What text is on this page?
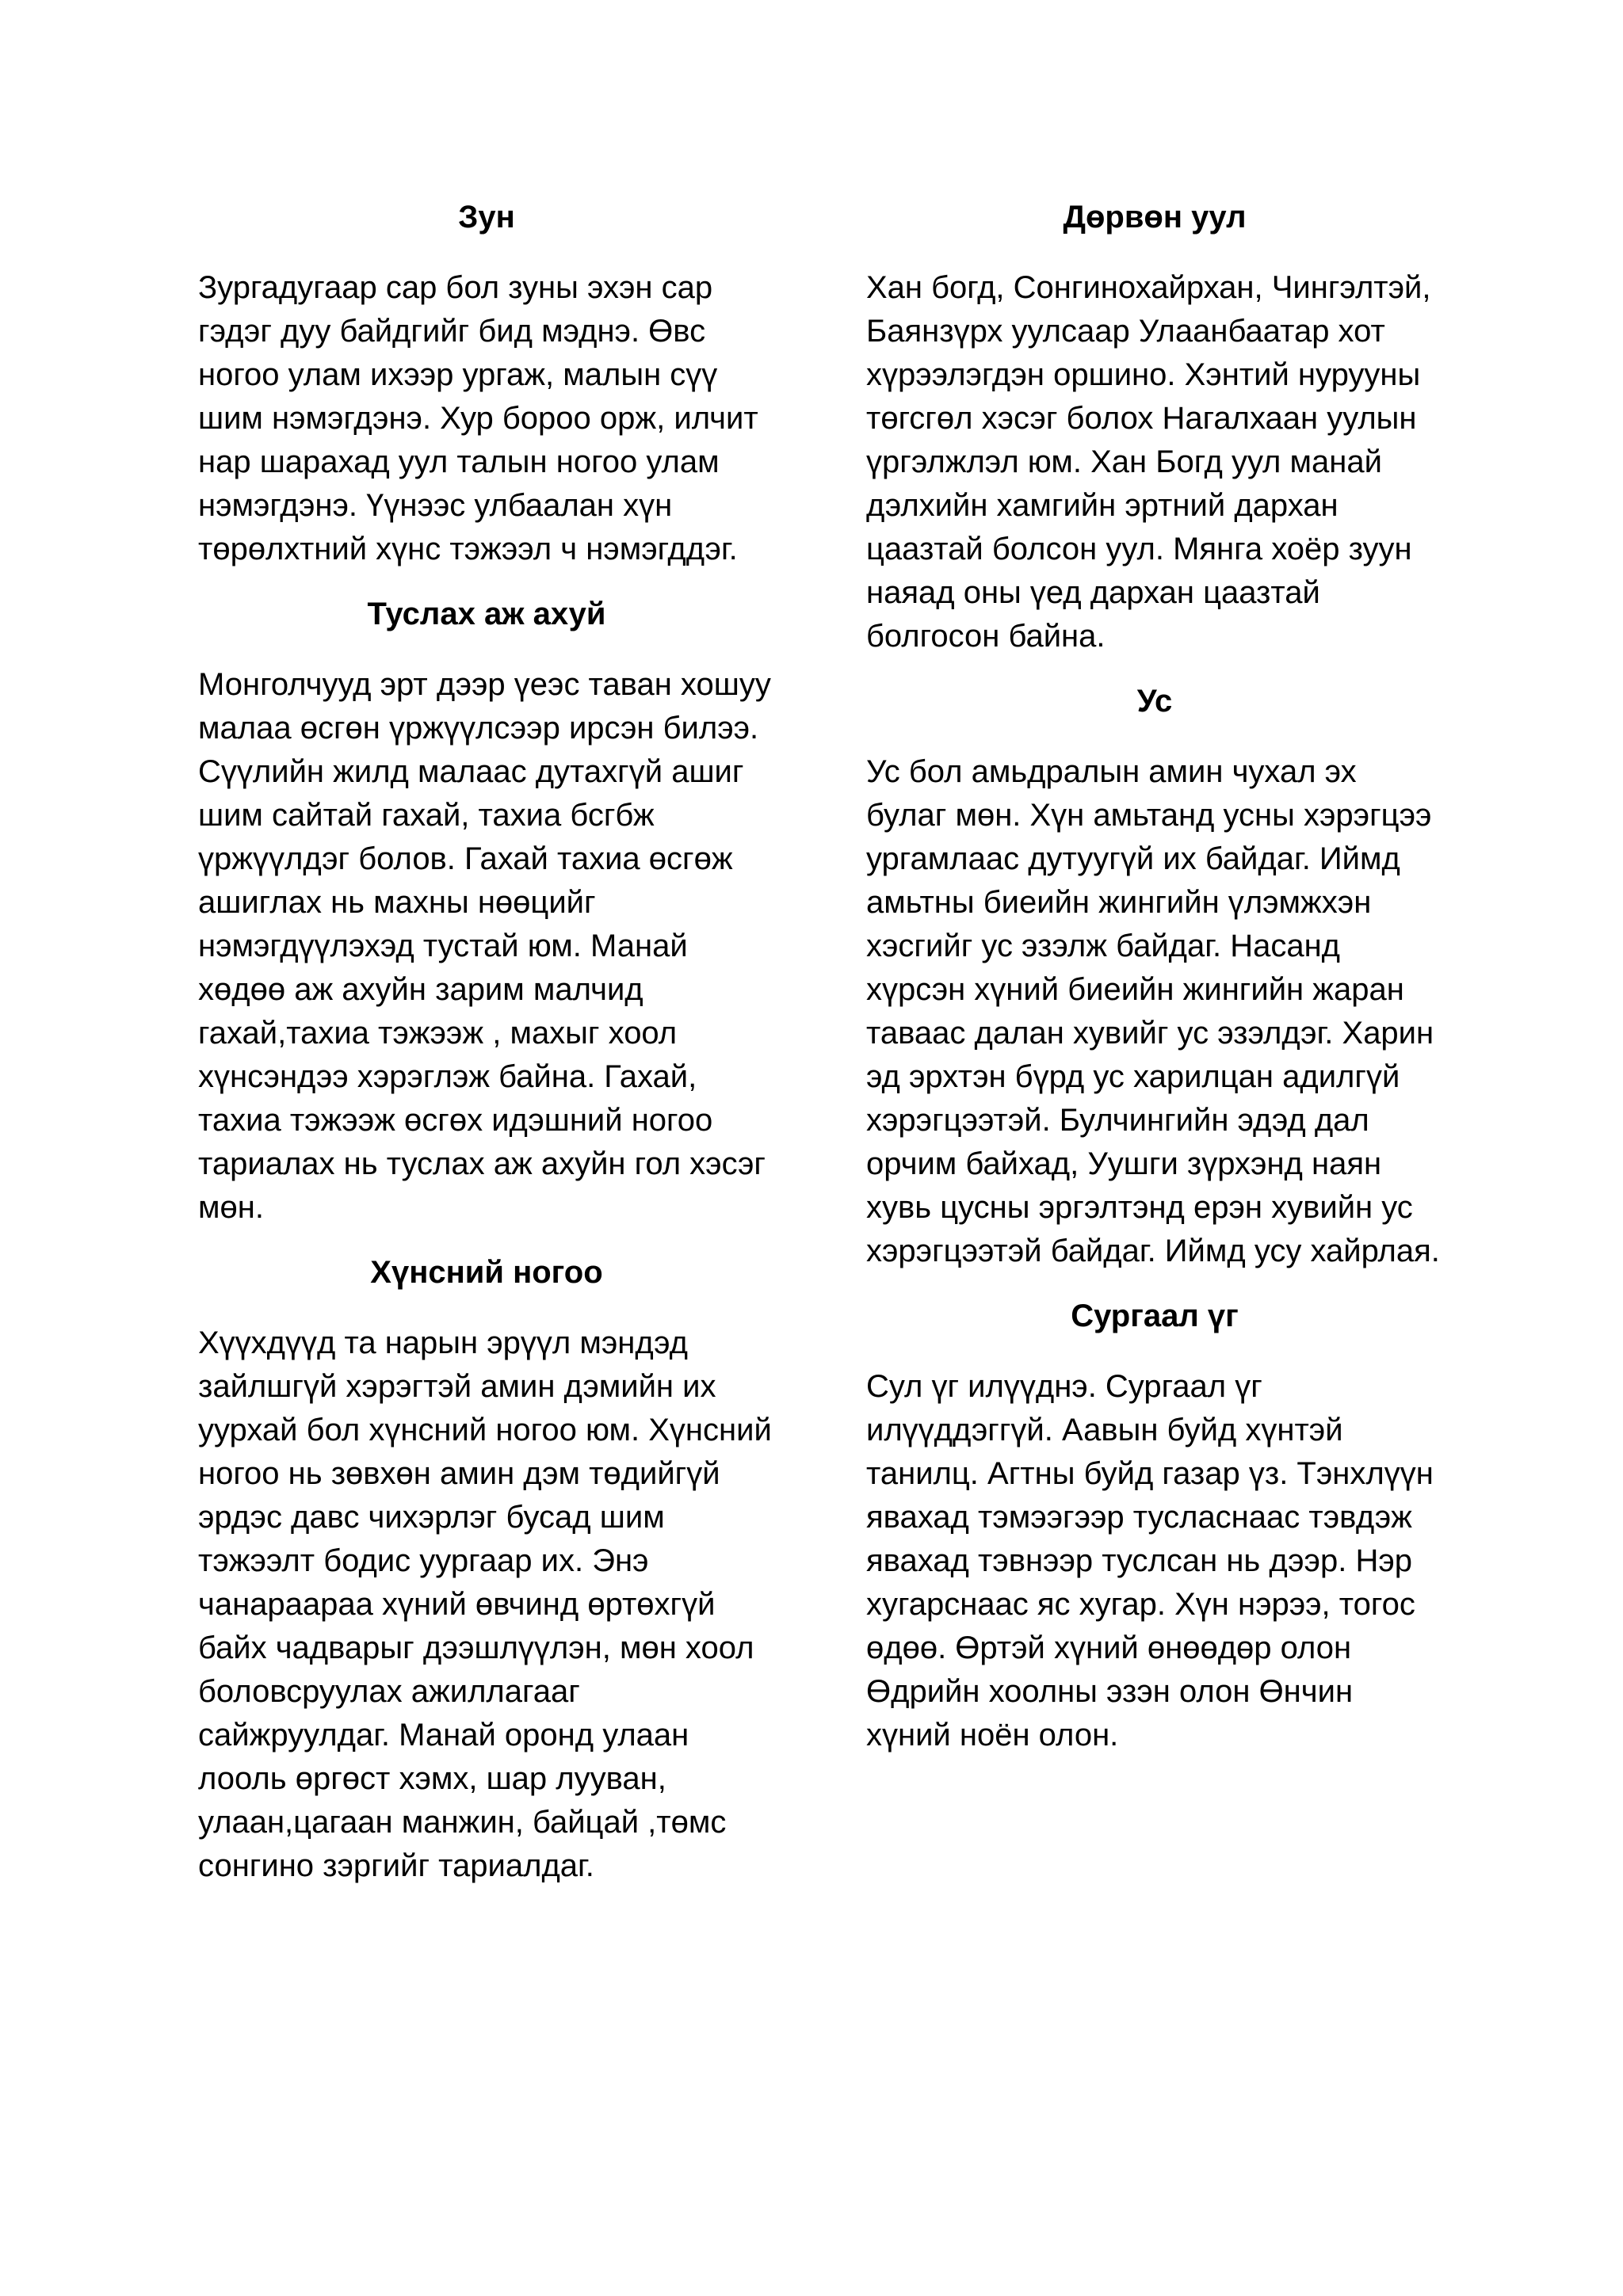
Зун
Зургадугаар сар бол зуны эхэн сар гэдэг дуу байдгийг бид мэднэ. Өвс ногоо улам ихээр ургаж, малын сүү шим нэмэгдэнэ. Хур бороо орж, илчит нар шарахад уул талын ногоо улам нэмэгдэнэ. Үүнээс улбаалан хүн төрөлхтний хүнс тэжээл ч нэмэгддэг.
Туслах аж ахуй
Монголчууд эрт дээр үеэс таван хошуу малаа өсгөн үржүүлсээр ирсэн билээ. Сүүлийн жилд малаас дутахгүй ашиг шим сайтай гахай, тахиа бсгбж үржүүлдэг болов. Гахай тахиа өсгөж ашиглах нь махны нөөцийг нэмэгдүүлэхэд тустай юм. Манай хөдөө аж ахуйн зарим малчид гахай,тахиа тэжээж , махыг хоол хүнсэндээ хэрэглэж байна. Гахай, тахиа тэжээж өсгөх идэшний ногоо тариалах нь туслах аж ахуйн гол хэсэг мөн.
Хүнсний ногоо
Хүүхдүүд та нарын эрүүл мэндэд зайлшгүй хэрэгтэй амин дэмийн их уурхай бол хүнсний ногоо юм. Хүнсний ногоо нь зөвхөн амин дэм төдийгүй эрдэс давс чихэрлэг бусад шим тэжээлт бодис уургаар их. Энэ чанараараа хүний өвчинд өртөхгүй байх чадварыг дээшлүүлэн, мөн хоол боловсруулах ажиллагааг сайжруулдаг. Манай оронд улаан лооль өргөст хэмх, шар лууван, улаан,цагаан манжин, байцай ,төмс сонгино зэргийг тариалдаг.
Дөрвөн уул
Хан богд, Сонгинохайрхан, Чингэлтэй, Баянзүрх уулсаар Улаанбаатар хот хүрээлэгдэн оршино. Хэнтий нурууны төгсгөл хэсэг болох Нагалхаан уулын үргэлжлэл юм. Хан Богд уул манай дэлхийн хамгийн эртний дархан цаазтай болсон уул. Мянга хоёр зуун наяад оны үед дархан цаазтай болгосон байна.
Ус
Ус бол амьдралын амин чухал эх булаг мөн. Хүн амьтанд усны хэрэгцээ ургамлаас дутуугүй их байдаг. Иймд амьтны биеийн жингийн үлэмжхэн хэсгийг ус эзэлж байдаг. Насанд хүрсэн хүний биеийн жингийн жаран таваас далан хувийг ус эзэлдэг. Харин эд эрхтэн бүрд ус харилцан адилгүй хэрэгцээтэй. Булчингийн эдэд дал орчим байхад, Уушги зүрхэнд наян хувь цусны эргэлтэнд ерэн хувийн ус хэрэгцээтэй байдаг. Иймд усу хайрлая.
Сургаал үг
Сул үг илүүднэ. Сургаал үг илүүддэггүй. Аавын буйд хүнтэй танилц. Агтны буйд газар үз. Тэнхлүүн явахад тэмээгээр тусласнаас тэвдэж явахад тэвнээр туслсан нь дээр. Нэр хугарснаас яс хугар. Хүн нэрээ, тогос өдөө. Өртэй хүний өнөөдөр олон Өдрийн хоолны эзэн олон Өнчин хүний ноён олон.
